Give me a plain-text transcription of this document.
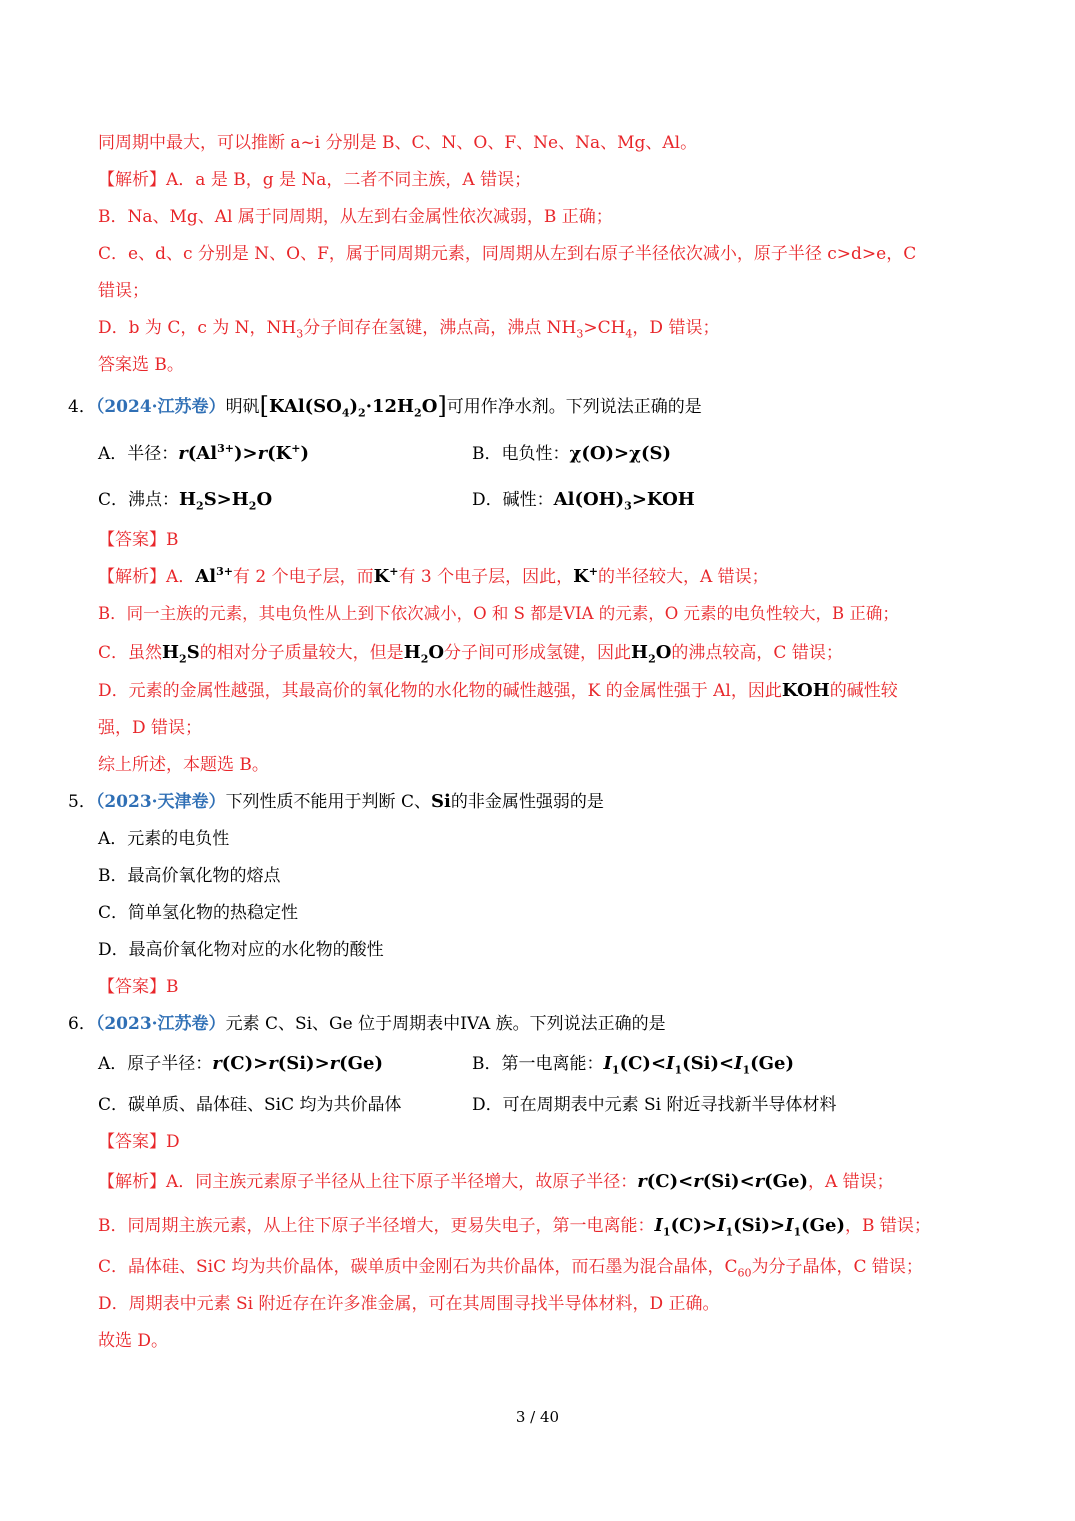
同周期中最大，可以推断 a~i 分别是 B、C、N、O、F、Ne、Na、Mg、Al。
【解析】A．a 是 B，g 是 Na，二者不同主族，A 错误；
B．Na、Mg、Al 属于同周期，从左到右金属性依次减弱，B 正确；
C．e、d、c 分别是 N、O、F，属于同周期元素，同周期从左到右原子半径依次减小，原子半径 c>d>e，C
错误；
D．b 为 C，c 为 N，$NH_3$分子间存在氢键，沸点高，沸点 $NH_3>CH_4$，D 错误；
答案选 B。
4．（2024·江苏卷）明矾$[KAl(SO_4)_2\cdot 12H_2O]$可用作净水剂。下列说法正确的是
A．半径：$r(Al^{3+})>r(K^+)$	B．电负性：χ(O)>χ(S)
C．沸点：$H_2S>H_2O$	D．碱性：$Al(OH)_3>KOH$
【答案】B
【解析】A．$Al^{3+}$有 2 个电子层，而K+有 3 个电子层，因此，K+的半径较大，A 错误；
B．同一主族的元素，其电负性从上到下依次减小，O 和 S 都是VIA 的元素，O 元素的电负性较大，B 正确；
C．虽然$H_2S$的相对分子质量较大，但是$H_2O$分子间可形成氢键，因此$H_2O$的沸点较高，C 错误；
D．元素的金属性越强，其最高价的氧化物的水化物的碱性越强，K 的金属性强于 Al，因此KOH的碱性较
强，D 错误；
综上所述，本题选 B。
5．（2023·天津卷）下列性质不能用于判断 C、Si的非金属性强弱的是
A．元素的电负性
B．最高价氧化物的熔点
C．简单氢化物的热稳定性
D．最高价氧化物对应的水化物的酸性
【答案】B
6．（2023·江苏卷）元素 C、Si、Ge 位于周期表中IVA 族。下列说法正确的是
A．原子半径：r(C)>r(Si)>r(Ge)	B．第一电离能：$I_1(C)<I_1(Si)<I_1(Ge)$
C．碳单质、晶体硅、SiC 均为共价晶体	D．可在周期表中元素 Si 附近寻找新半导体材料
【答案】D
【解析】A．同主族元素原子半径从上往下原子半径增大，故原子半径：r(C)<r(Si)<r(Ge)，A 错误；
B．同周期主族元素，从上往下原子半径增大，更易失电子，第一电离能：$I_1(C)>I_1(Si)>I_1(Ge)$，B 错误；
C．晶体硅、SiC 均为共价晶体，碳单质中金刚石为共价晶体，而石墨为混合晶体，$C_{60}$为分子晶体，C 错误；
D．周期表中元素 Si 附近存在许多准金属，可在其周围寻找半导体材料，D 正确。
故选 D。
3 / 40
